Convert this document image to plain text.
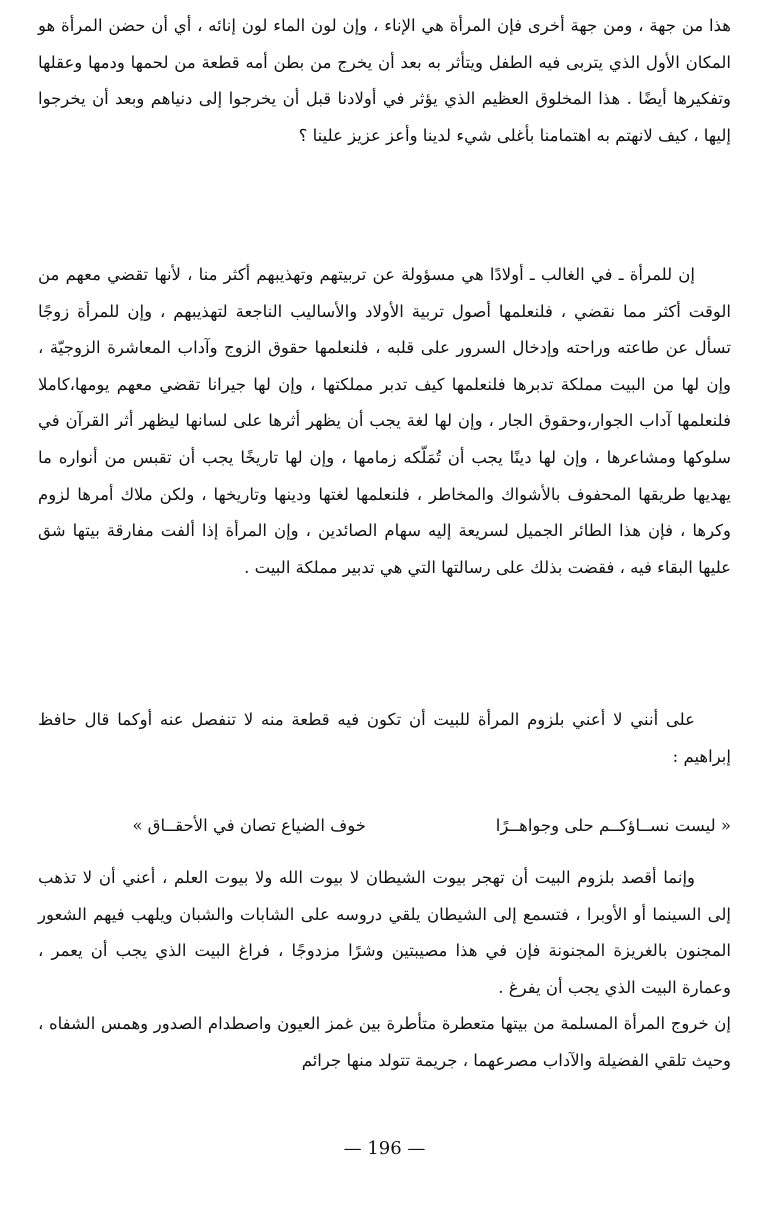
هذا من جهة ، ومن جهة أخرى فإن المرأة هي الإناء ، وإن لون الماء لون إنائه ، أي أن حضن المرأة هو المكان الأول الذي يتربى فيه الطفل ويتأثر به بعد أن يخرج من بطن أمه قطعة من لحمها ودمها وعقلها وتفكيرها أيضًا . هذا المخلوق العظيم الذي يؤثر في أولادنا قبل أن يخرجوا إلى دنياهم وبعد أن يخرجوا إليها ، كيف لانهتم به اهتمامنا بأغلى شيء لدينا وأعز عزيز علينا ؟
إن للمرأة ـ في الغالب ـ أولادًا هي مسؤولة عن تربيتهم وتهذيبهم أكثر منا ، لأنها تقضي معهم من الوقت أكثر مما نقضي ، فلنعلمها أصول تربية الأولاد والأساليب الناجعة لتهذيبهم ، وإن للمرأة زوجًا تسأل عن طاعته وراحته وإدخال السرور على قلبه ، فلنعلمها حقوق الزوج وآداب المعاشرة الزوجيّة ، وإن لها من البيت مملكة تدبرها فلنعلمها كيف تدبر مملكتها ، وإن لها جيرانا تقضي معهم يومها،كاملا فلنعلمها آداب الجوار،وحقوق الجار ، وإن لها لغة يجب أن يظهر أثرها على لسانها ليظهر أثر القرآن في سلوكها ومشاعرها ، وإن لها دينًا يجب أن تُمَلّكه زمامها ، وإن لها تاريخًا يجب أن تقبس من أنواره ما يهديها طريقها المحفوف بالأشواك والمخاطر ، فلنعلمها لغتها ودينها وتاريخها ، ولكن ملاك أمرها لزوم وكرها ، فإن هذا الطائر الجميل لسريعة إليه سهام الصائدين ، وإن المرأة إذا ألفت مفارقة بيتها شق عليها البقاء فيه ، فقضت بذلك على رسالتها التي هي تدبير مملكة البيت .
على أنني لا أعني بلزوم المرأة للبيت أن تكون فيه قطعة منه لا تنفصل عنه أوكما قال حافظ إبراهيم :
« ليست نســاؤكــم حلى وجواهــرًا
خوف الضياع تصان في الأحقــاق »
وإنما أقصد بلزوم البيت أن تهجر بيوت الشيطان لا بيوت الله ولا بيوت العلم ، أعني أن لا تذهب إلى السينما أو الأوبرا ، فتسمع إلى الشيطان يلقي دروسه على الشابات والشبان ويلهب فيهم الشعور المجنون بالغريزة المجنونة فإن في هذا مصيبتين وشرًا مزدوجًا ، فراغ البيت الذي يجب أن يعمر ، وعمارة البيت الذي يجب أن يفرغ .
إن خروج المرأة المسلمة من بيتها متعطرة متأطرة بين غمز العيون واصطدام الصدور وهمس الشفاه ، وحيث تلقي الفضيلة والآداب مصرعهما ، جريمة تتولد منها جرائم
— 196 —
